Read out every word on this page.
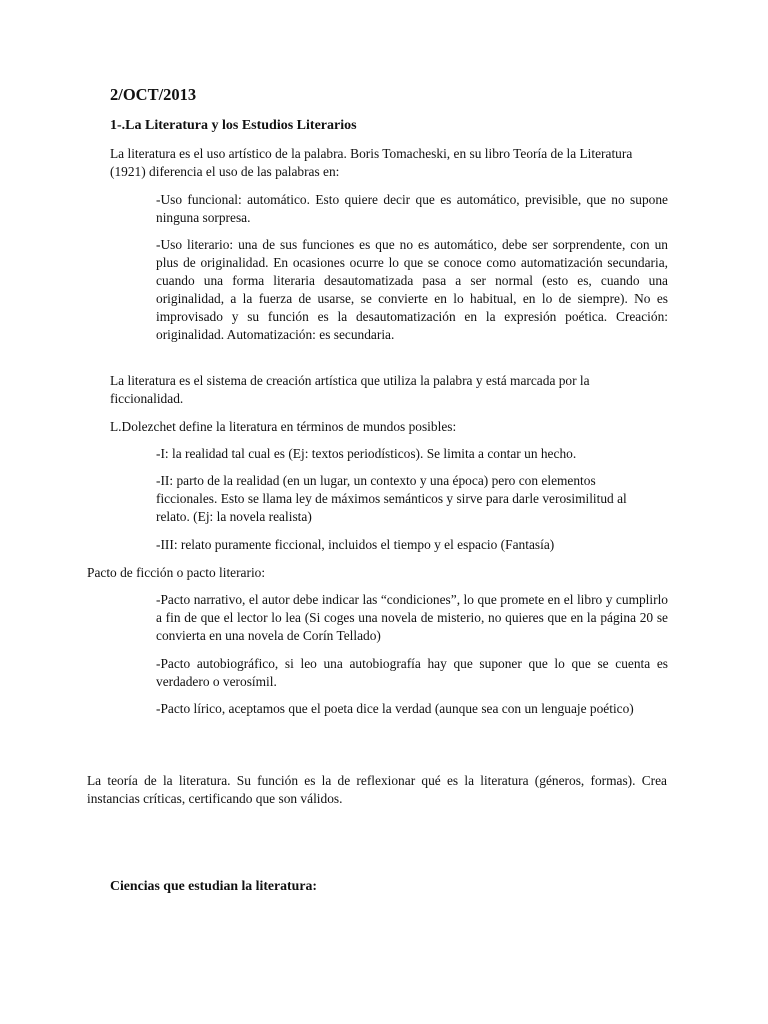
2/OCT/2013
1-.La Literatura y los Estudios Literarios

La literatura es el uso artístico de la palabra. Boris Tomacheski, en su libro Teoría de la Literatura (1921) diferencia el uso de las palabras en:

-Uso funcional: automático. Esto quiere decir que es automático, previsible, que no supone ninguna sorpresa.

-Uso literario: una de sus funciones es que no es automático, debe ser sorprendente, con un plus de originalidad. En ocasiones ocurre lo que se conoce como automatización secundaria, cuando una forma literaria desautomatizada pasa a ser normal (esto es, cuando una originalidad, a la fuerza de usarse, se convierte en lo habitual, en lo de siempre). No es improvisado y su función es la desautomatización en la expresión poética. Creación: originalidad. Automatización: es secundaria.

La literatura es el sistema de creación artística que utiliza la palabra y está marcada por la ficcionalidad.

L.Dolezchet define la literatura en términos de mundos posibles:

-I: la realidad tal cual es (Ej: textos periodísticos). Se limita a contar un hecho.

-II: parto de la realidad (en un lugar, un contexto y una época) pero con elementos ficcionales. Esto se llama ley de máximos semánticos y sirve para darle verosimilitud al relato. (Ej: la novela realista)

-III: relato puramente ficcional, incluidos el tiempo y el espacio (Fantasía)

Pacto de ficción o pacto literario:

-Pacto narrativo, el autor debe indicar las “condiciones”, lo que promete en el libro y cumplirlo a fin de que el lector lo lea (Si coges una novela de misterio, no quieres que en la página 20 se convierta en una novela de Corín Tellado)

-Pacto autobiográfico, si leo una autobiografía hay que suponer que lo que se cuenta es verdadero o verosímil.

-Pacto lírico, aceptamos que el poeta dice la verdad (aunque sea con un lenguaje poético)

La teoría de la literatura. Su función es la de reflexionar qué es la literatura (géneros, formas). Crea instancias críticas, certificando que son válidos.

Ciencias que estudian la literatura:
